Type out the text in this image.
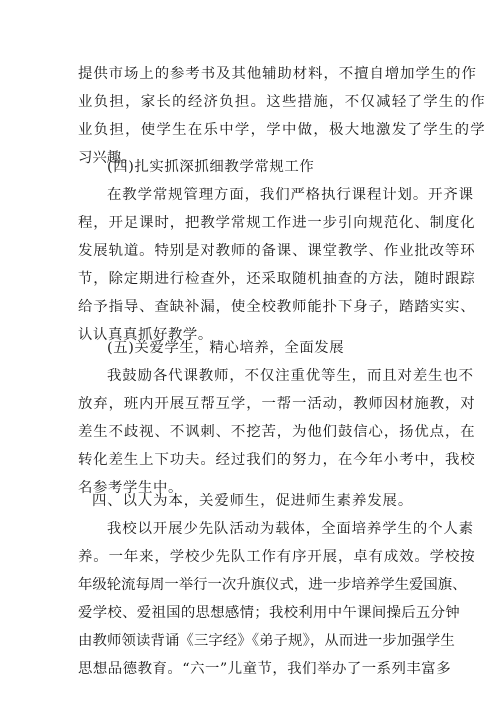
提供市场上的参考书及其他辅助材料，不擅自增加学生的作
业负担，家长的经济负担。这些措施，不仅减轻了学生的作
业负担，使学生在乐中学，学中做，极大地激发了学生的学
习兴趣。
(四)扎实抓深抓细教学常规工作
在教学常规管理方面，我们严格执行课程计划。开齐课
程，开足课时，把教学常规工作进一步引向规范化、制度化
发展轨道。特别是对教师的备课、课堂教学、作业批改等环
节，除定期进行检查外，还采取随机抽查的方法，随时跟踪
给予指导、查缺补漏，使全校教师能扑下身子，踏踏实实、
认认真真抓好教学。
(五)关爱学生，精心培养，全面发展
我鼓励各代课教师，不仅注重优等生，而且对差生也不
放弃，班内开展互帮互学，一帮一活动，教师因材施教，对
差生不歧视、不讽刺、不挖苦，为他们鼓信心，扬优点，在
转化差生上下功夫。经过我们的努力，在今年小考中，我校
名参考学生中。
四、以人为本，关爱师生，促进师生素养发展。
我校以开展少先队活动为载体，全面培养学生的个人素
养。一年来，学校少先队工作有序开展，卓有成效。学校按
年级轮流每周一举行一次升旗仪式，进一步培养学生爱国旗、
爱学校、爱祖国的思想感情；我校利用中午课间操后五分钟
由教师领读背诵《三字经》《弟子规》，从而进一步加强学生
思想品德教育。“六一”儿童节，我们举办了一系列丰富多
